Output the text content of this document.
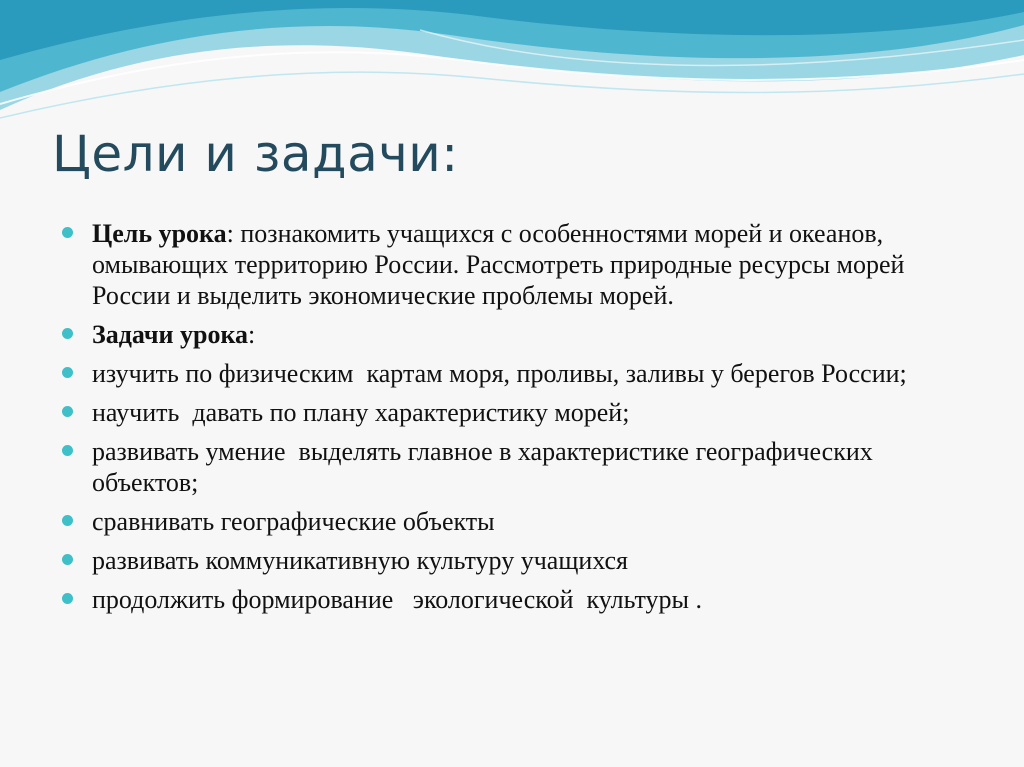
Цели и задачи:
Цель урока: познакомить учащихся с особенностями морей и океанов, омывающих территорию России. Рассмотреть природные ресурсы морей России и выделить экономические проблемы морей.
Задачи урока:
изучить по физическим  картам моря, проливы, заливы у берегов России;
научить  давать по плану характеристику морей;
развивать умение  выделять главное в характеристике географических  объектов;
сравнивать географические объекты
развивать коммуникативную культуру учащихся
продолжить формирование   экологической  культуры .
